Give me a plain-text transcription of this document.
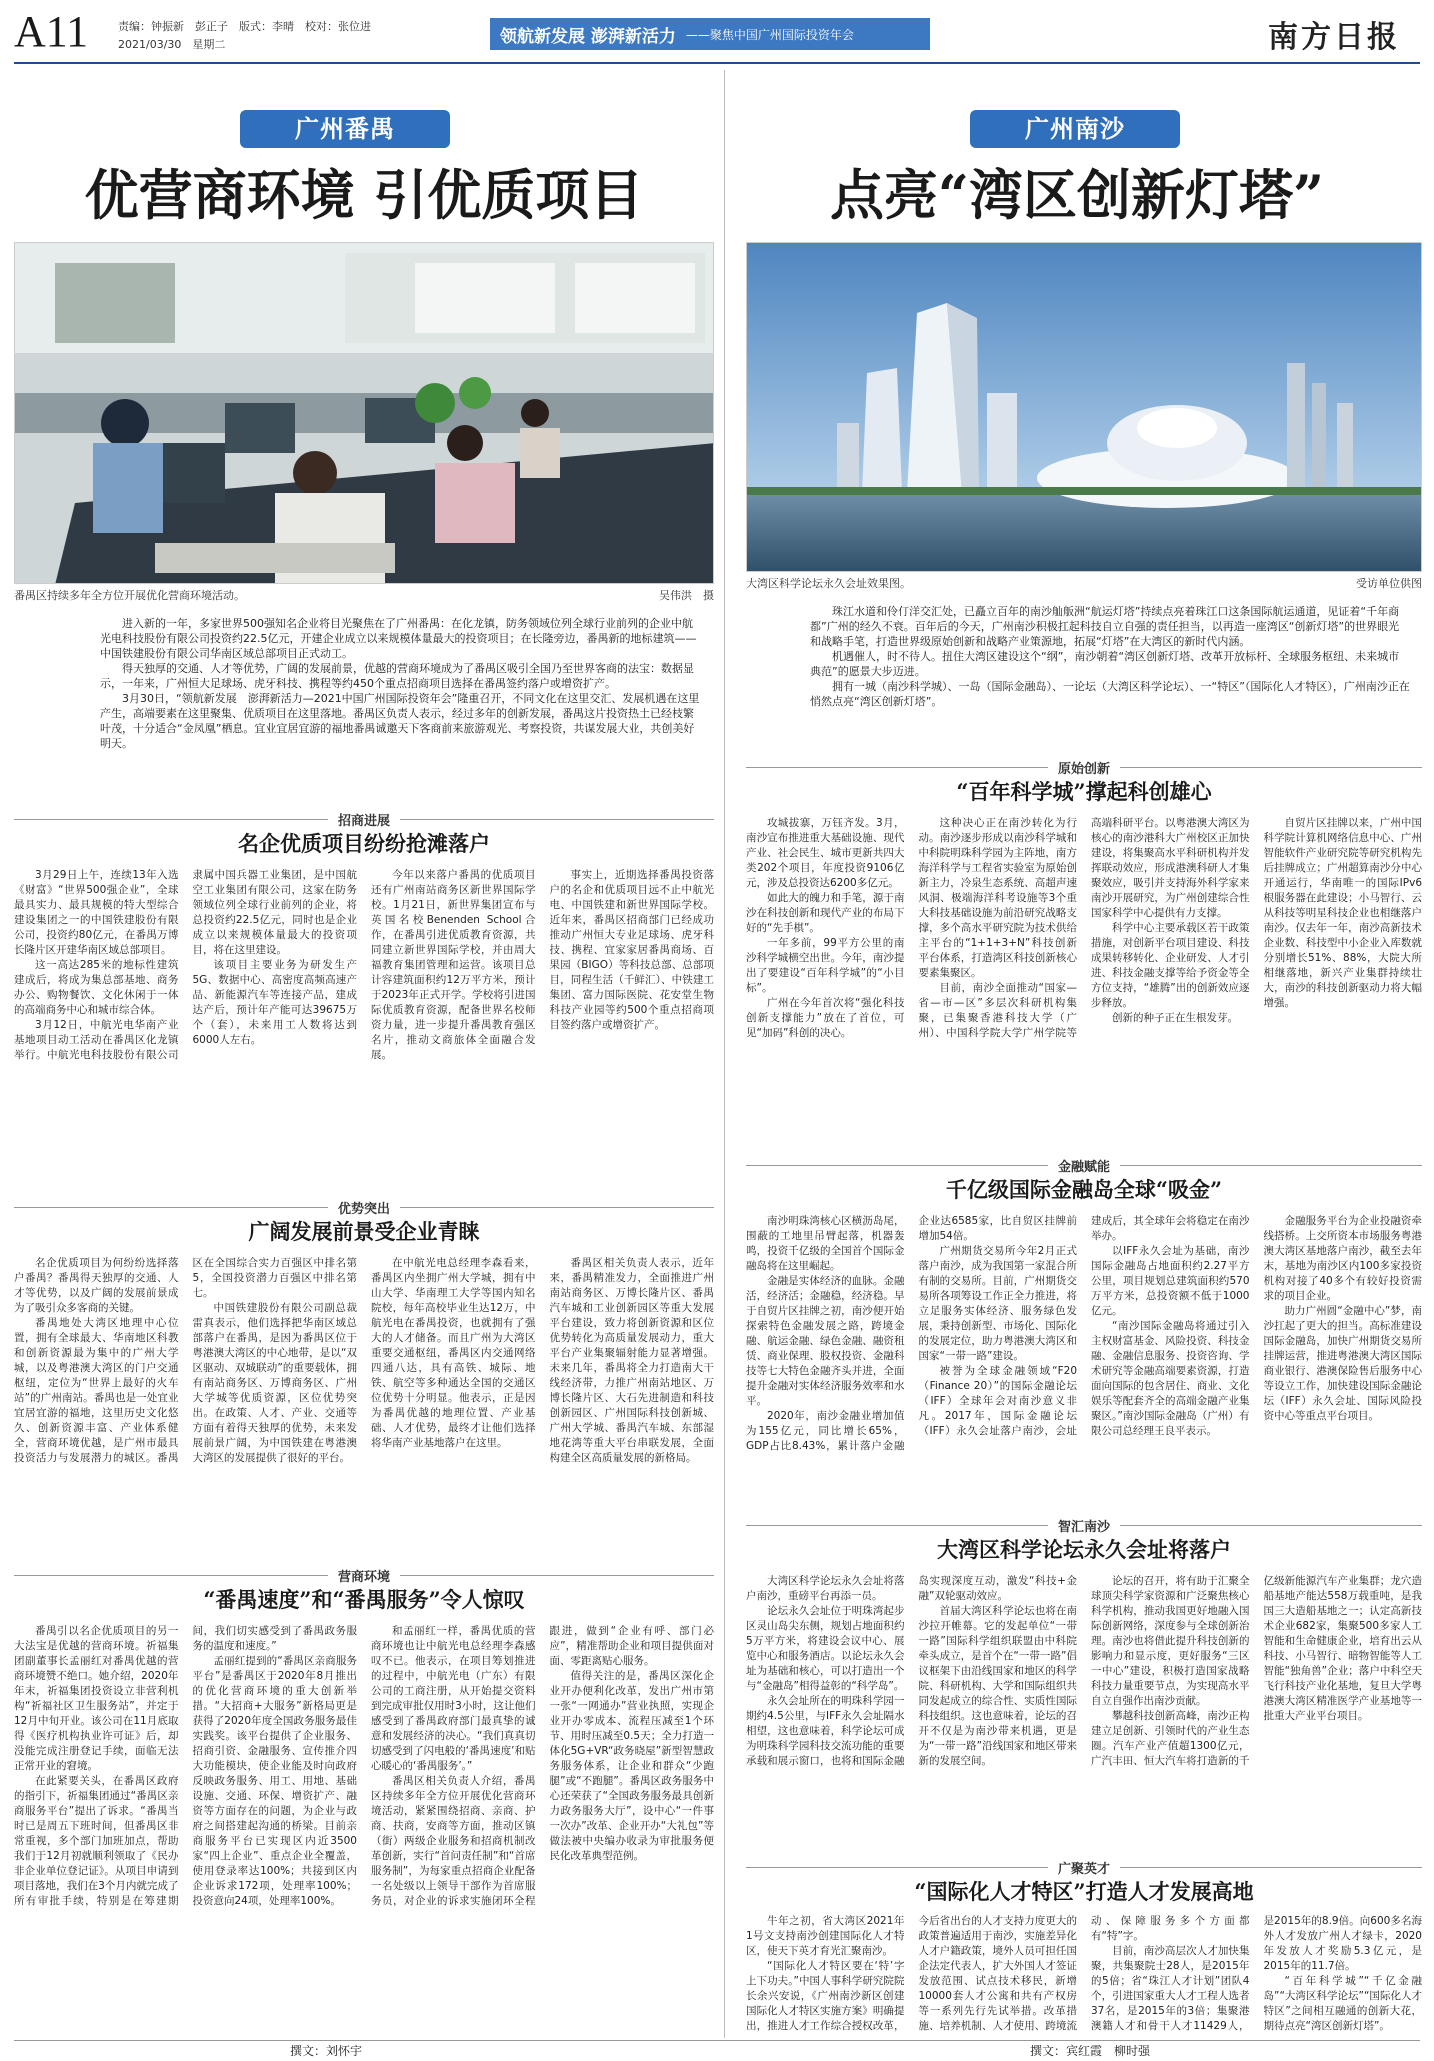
A11	责编：钟振新　彭正子　版式：李晴　校对：张位进
2021/03/30　星期二	领航新发展 澎湃新活力 ——聚焦中国广州国际投资年会	南方日报
广州番禺
优营商环境 引优质项目
番禺区持续多年全方位开展优化营商环境活动。	吴伟洪　摄

进入新的一年，多家世界500强知名企业将目光聚焦在了广州番禺：在化龙镇，防务领域位列全球行业前列的企业中航光电科技股份有限公司投资约22.5亿元，开建企业成立以来规模体量最大的投资项目；在长隆旁边，番禺新的地标建筑——中国铁建股份有限公司华南区域总部项目正式动工。

得天独厚的交通、人才等优势，广阔的发展前景，优越的营商环境成为了番禺区吸引全国乃至世界客商的法宝：数据显示，一年来，广州恒大足球场、虎牙科技、携程等约450个重点招商项目选择在番禺签约落户或增资扩产。

3月30日，“领航新发展　澎湃新活力—2021中国广州国际投资年会”隆重召开，不同文化在这里交汇、发展机遇在这里产生，高端要素在这里聚集、优质项目在这里落地。番禺区负责人表示，经过多年的创新发展，番禺这片投资热土已经枝繁叶茂，十分适合“金凤凰”栖息。宜业宜居宜游的福地番禺诚邀天下客商前来旅游观光、考察投资，共谋发展大业，共创美好明天。

招商进展
名企优质项目纷纷抢滩落户

3月29日上午，连续13年入选《财富》“世界500强企业”，全球最具实力、最具规模的特大型综合建设集团之一的中国铁建股份有限公司，投资约80亿元，在番禺万博长隆片区开建华南区域总部项目。

这一高达285米的地标性建筑建成后，将成为集总部基地、商务办公、购物餐饮、文化休闲于一体的高端商务中心和城市综合体。

3月12日，中航光电华南产业基地项目动工活动在番禺区化龙镇举行。中航光电科技股份有限公司隶属中国兵器工业集团，是中国航空工业集团有限公司，这家在防务领域位列全球行业前列的企业，将总投资约22.5亿元，同时也是企业成立以来规模体量最大的投资项目，将在这里建设。

该项目主要业务为研发生产5G、数据中心、高密度高频高速产品、新能源汽车等连接产品，建成达产后，预计年产能可达39675万个（套），未来用工人数将达到6000人左右。

今年以来落户番禺的优质项目还有广州南站商务区新世界国际学校。1月21日，新世界集团宣布与英国名校Benenden School合作，在番禺引进优质教育资源，共同建立新世界国际学校，并由周大福教育集团管理和运营。该项目总计容建筑面积约12万平方米，预计于2023年正式开学。学校将引进国际优质教育资源，配备世界名校师资力量，进一步提升番禺教育强区名片，推动文商旅体全面融合发展。

事实上，近期选择番禺投资落户的名企和优质项目远不止中航光电、中国铁建和新世界国际学校。近年来，番禺区招商部门已经成功推动广州恒大专业足球场、虎牙科技、携程、宜家家居番禺商场、百果园（BIGO）等科技总部、总部项目，同程生活（千鲜汇）、中铁建工集团、富力国际医院、花安堂生物科技产业园等约500个重点招商项目签约落户或增资扩产。

优势突出
广阔发展前景受企业青睐

名企优质项目为何纷纷选择落户番禺？番禺得天独厚的交通、人才等优势，以及广阔的发展前景成为了吸引众多客商的关键。

番禺地处大湾区地理中心位置，拥有全球最大、华南地区科教和创新资源最为集中的广州大学城，以及粤港澳大湾区的门户交通枢纽，定位为“世界上最好的火车站”的广州南站。番禺也是一处宜业宜居宜游的福地，这里历史文化悠久、创新资源丰富、产业体系健全，营商环境优越，是广州市最具投资活力与发展潜力的城区。番禺区在全国综合实力百强区中排名第5，全国投资潜力百强区中排名第七。

中国铁建股份有限公司副总裁雷真表示，他们选择把华南区域总部落户在番禺，是因为番禺区位于粤港澳大湾区的中心地带，是以“双区驱动、双城联动”的重要载体，拥有南站商务区、万博商务区、广州大学城等优质资源，区位优势突出。在政策、人才、产业、交通等方面有着得天独厚的优势，未来发展前景广阔，为中国铁建在粤港澳大湾区的发展提供了很好的平台。

在中航光电总经理李森看来，番禺区内坐拥广州大学城，拥有中山大学、华南理工大学等国内知名院校，每年高校毕业生达12万，中航光电在番禺投资，也就拥有了强大的人才储备。而且广州为大湾区重要交通枢纽，番禺区内交通网络四通八达，具有高铁、城际、地铁、航空等多种通达全国的交通区位优势十分明显。他表示，正是因为番禺优越的地理位置、产业基础、人才优势，最终才让他们选择将华南产业基地落户在这里。

番禺区相关负责人表示，近年来，番禺精准发力，全面推进广州南站商务区、万博长隆片区、番禺汽车城和工业创新园区等重大发展平台建设，致力将创新资源和区位优势转化为高质量发展动力，重大平台产业集聚辐射能力显著增强。未来几年，番禺将全力打造南大干线经济带，力推广州南站地区、万博长隆片区、大石先进制造和科技创新园区、广州国际科技创新城、广州大学城、番禺汽车城、东部湿地花湾等重大平台串联发展，全面构建全区高质量发展的新格局。

营商环境
“番禺速度”和“番禺服务”令人惊叹

番禺引以名企优质项目的另一大法宝是优越的营商环境。祈福集团副董事长孟丽红对番禺优越的营商环境赞不绝口。她介绍，2020年年末，祈福集团投资设立非营利机构“祈福社区卫生服务站”，并定于12月中旬开业。该公司在11月底取得《医疗机构执业许可证》后，却没能完成注册登记手续，面临无法正常开业的窘境。

在此紧要关头，在番禺区政府的指引下，祈福集团通过“番禺区亲商服务平台”提出了诉求。“番禺当时已是周五下班时间，但番禺区非常重视，多个部门加班加点，帮助我们于12月初就顺利领取了《民办非企业单位登记证》。从项目申请到项目落地，我们在3个月内就完成了所有审批手续，特别是在筹建期间，我们切实感受到了番禺政务服务的温度和速度。”

孟丽红提到的“番禺区亲商服务平台”是番禺区于2020年8月推出的优化营商环境的重大创新举措。“大招商+大服务”新格局更是获得了2020年度全国政务服务最佳实践奖。该平台提供了企业服务、招商引资、金融服务、宣传推介四大功能模块，使企业能及时向政府反映政务服务、用工、用地、基础设施、交通、环保、增资扩产、融资等方面存在的问题，为企业与政府之间搭建起沟通的桥梁。目前亲商服务平台已实现区内近3500家“四上企业”、重点企业全覆盖，使用登录率达100%；共接到区内企业诉求172项，处理率100%；投资意向24项，处理率100%。

和孟丽红一样，番禺优质的营商环境也让中航光电总经理李森感叹不已。他表示，在项目筹划推进的过程中，中航光电（广东）有限公司的工商注册，从开始提交资料到完成审批仅用时3小时，这让他们感受到了番禺政府部门最真挚的诚意和发展经济的决心。“我们真真切切感受到了闪电般的‘番禺速度’和贴心暖心的‘番禺服务’。”

番禺区相关负责人介绍，番禺区持续多年全方位开展优化营商环境活动，紧紧围绕招商、亲商、护商、扶商，安商等方面，推动区镇（街）两级企业服务和招商机制改革创新，实行“首问责任制”和“首席服务制”，为每家重点招商企业配备一名处级以上领导干部作为首席服务员，对企业的诉求实施闭环全程跟进，做到“企业有呼、部门必应”，精准帮助企业和项目提供面对面、零距离贴心服务。

值得关注的是，番禺区深化企业开办便利化改革，发出广州市第一张“一网通办”营业执照，实现企业开办零成本、流程压减至1个环节、用时压减至0.5天；全力打造一体化5G+VR“政务晓屋”新型智慧政务服务体系，让企业和群众“少跑腿”或“不跑腿”。番禺区政务服务中心还荣获了“全国政务服务最具创新力政务服务大厅”，设中心“一件事一次办”改革、企业开办“大礼包”等做法被中央编办收录为审批服务便民化改革典型范例。

广州南沙
点亮“湾区创新灯塔”
大湾区科学论坛永久会址效果图。	受访单位供图

珠江水道和伶仃洋交汇处，已矗立百年的南沙舢舨洲“航运灯塔”持续点亮着珠江口这条国际航运通道，见证着“千年商都”广州的经久不衰。百年后的今天，广州南沙积极扛起科技自立自强的责任担当，以再造一座湾区“创新灯塔”的世界眼光和战略手笔，打造世界级原始创新和战略产业策源地，拓展“灯塔”在大湾区的新时代内涵。

机遇催人，时不待人。扭住大湾区建设这个“纲”，南沙朝着“湾区创新灯塔、改革开放标杆、全球服务枢纽、未来城市典范”的愿景大步迈进。

拥有一城（南沙科学城）、一岛（国际金融岛）、一论坛（大湾区科学论坛）、一“特区”（国际化人才特区），广州南沙正在悄然点亮“湾区创新灯塔”。

原始创新
“百年科学城”撑起科创雄心

攻城拔寨，万钰齐发。3月，南沙宣布推进重大基础设施、现代产业、社会民生、城市更新共四大类202个项目，年度投资9106亿元，涉及总投资达6200多亿元。

如此大的魄力和手笔，源于南沙在科技创新和现代产业的布局下好的“先手棋”。

一年多前，99平方公里的南沙科学城横空出世。今年，南沙提出了要建设“百年科学城”的“小目标”。

广州在今年首次将“强化科技创新支撑能力”放在了首位，可见“加码”科创的决心。

这种决心正在南沙转化为行动。南沙逐步形成以南沙科学城和中科院明珠科学园为主阵地，南方海洋科学与工程省实验室为原始创新主力，冷泉生态系统、高超声速风洞、极端海洋科考设施等3个重大科技基础设施为前沿研究战略支撑，多个高水平研究院为技术供给主平台的“1+1+3+N”科技创新平台体系，打造湾区科技创新核心要素集聚区。

目前，南沙全面推动“国家—省—市—区”多层次科研机构集聚，已集聚香港科技大学（广州）、中国科学院大学广州学院等高端科研平台。以粤港澳大湾区为核心的南沙港科大广州校区正加快建设，将集聚高水平科研机构并发挥联动效应，形成港澳科研人才集聚效应，吸引并支持海外科学家来南沙开展研究，为广州创建综合性国家科学中心提供有力支撑。

科学中心主要承载区若干政策措施，对创新平台项目建设、科技成果转移转化、企业研发、人才引进、科技金融支撑等给予资金等全方位支持，“雄腾”出的创新效应逐步释放。

创新的种子正在生根发芽。

自贸片区挂牌以来，广州中国科学院计算机网络信息中心、广州智能软件产业研究院等研究机构先后挂牌成立；广州超算南沙分中心开通运行，华南唯一的国际IPv6根服务器在此建设；小马智行、云从科技等明星科技企业也相继落户南沙。仅去年一年，南沙高新技术企业数、科技型中小企业入库数就分别增长51%、88%，大院大所相继落地，新兴产业集群持续壮大，南沙的科技创新驱动力将大幅增强。

金融赋能
千亿级国际金融岛全球“吸金”

南沙明珠湾核心区横沥岛尾，围蔽的工地里吊臂起落，机器轰鸣，投资千亿级的全国首个国际金融岛将在这里崛起。

金融是实体经济的血脉。金融活，经济活；金融稳，经济稳。早于自贸片区挂牌之初，南沙便开始探索特色金融发展之路，跨境金融、航运金融、绿色金融、融资租赁、商业保理、股权投资、金融科技等七大特色金融齐头并进，全面提升金融对实体经济服务效率和水平。

2020年，南沙金融业增加值为155亿元，同比增长65%，GDP占比8.43%，累计落户金融企业达6585家，比自贸区挂牌前增加54倍。

广州期货交易所今年2月正式落户南沙，成为我国第一家混合所有制的交易所。目前，广州期货交易所各项筹设工作正全力推进，将立足服务实体经济、服务绿色发展，秉持创新型、市场化、国际化的发展定位，助力粤港澳大湾区和国家“一带一路”建设。

被誉为全球金融领域“F20（Finance 20）”的国际金融论坛（IFF）全球年会对南沙意义非凡。2017年，国际金融论坛（IFF）永久会址落户南沙，会址建成后，其全球年会将稳定在南沙举办。

以IFF永久会址为基础，南沙国际金融岛占地面积约2.27平方公里，项目规划总建筑面积约570万平方米，总投资额不低于1000亿元。

“南沙国际金融岛将通过引入主权财富基金、风险投资、科技金融、金融信息服务、投资咨询、学术研究等金融高端要素资源，打造面向国际的包含居住、商业、文化娱乐等配套齐全的高端金融产业集聚区。”南沙国际金融岛（广州）有限公司总经理王良平表示。

金融服务平台为企业投融资牵线搭桥。上交所资本市场服务粤港澳大湾区基地落户南沙，截至去年末，基地为南沙区内100多家投资机构对接了40多个有较好投资需求的项目企业。

助力广州圆“金融中心”梦，南沙扛起了更大的担当。高标准建设国际金融岛，加快广州期货交易所挂牌运营，推进粤港澳大湾区国际商业银行、港澳保险售后服务中心等设立工作，加快建设国际金融论坛（IFF）永久会址、国际风险投资中心等重点平台项目。

智汇南沙
大湾区科学论坛永久会址将落户

大湾区科学论坛永久会址将落户南沙，重磅平台再添一员。

论坛永久会址位于明珠湾起步区灵山岛尖东侧，规划占地面积约5万平方米，将建设会议中心、展览中心和服务酒店。以论坛永久会址为基础和核心，可以打造出一个与“金融岛”相得益彰的“科学岛”。

永久会址所在的明珠科学园一期约4.5公里，与IFF永久会址隔水相望，这也意味着，科学论坛可成为明珠科学园科技交流功能的重要承载和展示窗口，也将和国际金融岛实现深度互动，激发“科技+金融”双轮驱动效应。

首届大湾区科学论坛也将在南沙拉开帷幕。它的发起单位“一带一路”国际科学组织联盟由中科院牵头成立，是首个在“一带一路”倡议框架下由沿线国家和地区的科学院、科研机构、大学和国际组织共同发起成立的综合性、实质性国际科技组织。这也意味着，论坛的召开不仅是为南沙带来机遇，更是为“一带一路”沿线国家和地区带来新的发展空间。

论坛的召开，将有助于汇聚全球顶尖科学家资源和广泛聚焦核心科学机构，推动我国更好地融入国际创新网络，深度参与全球创新治理。南沙也将借此提升科技创新的影响力和显示度，更好服务“三区一中心”建设，积极打造国家战略科技力量重要节点，为实现高水平自立自强作出南沙贡献。

攀越科技创新高峰，南沙正构建立足创新、引领时代的产业生态圈。汽车产业产值超1300亿元，广汽丰田、恒大汽车将打造新的千亿级新能源汽车产业集群；龙穴造船基地产能达558万载重吨，是我国三大造船基地之一；认定高新技术企业682家，集聚500多家人工智能和生命健康企业，培育出云从科技、小马智行、暗物智能等人工智能“独角兽”企业；落户中科空天飞行科技产业化基地，复旦大学粤港澳大湾区精准医学产业基地等一批重大产业平台项目。

广聚英才
“国际化人才特区”打造人才发展高地

牛年之初，省大湾区2021年1号文支持南沙创建国际化人才特区，使天下英才育光汇聚南沙。

“国际化人才特区要在‘特’字上下功夫。”中国人事科学研究院院长余兴安说，《广州南沙新区创建国际化人才特区实施方案》明确提出，推进人才工作综合授权改革，今后省出台的人才支持力度更大的政策普遍适用于南沙，实施差异化人才户籍政策，境外人员可担任国企法定代表人，扩大外国人才签证发放范围、试点技术移民，新增10000套人才公寓和共有产权房等一系列先行先试举措。改革措施、培养机制、人才使用、跨境流动、保障服务多个方面都有“特”字。

目前，南沙高层次人才加快集聚，共集聚院士28人，是2015年的5倍；省“珠江人才计划”团队4个，引进国家重大人才工程人选者37名，是2015年的3倍；集聚港澳籍人才和骨干人才11429人，是2015年的8.9倍。向600多名海外人才发放广州人才绿卡，2020年发放人才奖励5.3亿元，是2015年的11.7倍。

“百年科学城”“千亿金融岛”“大湾区科学论坛”“国际化人才特区”之间相互融通的创新大花，期待点亮“湾区创新灯塔”。

撰文：刘怀宇	撰文：宾红霞　柳时强
